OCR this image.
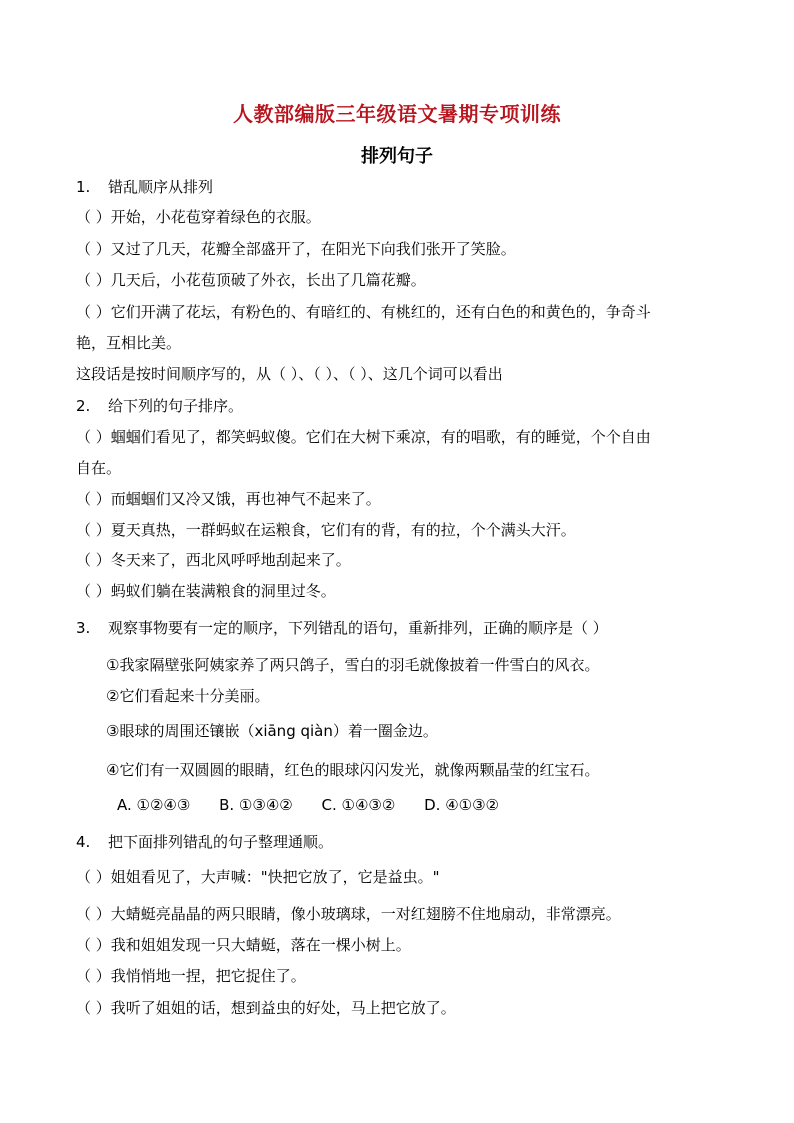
人教部编版三年级语文暑期专项训练
排列句子
1. 错乱顺序从排列
（ ）开始，小花苞穿着绿色的衣服。
（ ）又过了几天，花瓣全部盛开了，在阳光下向我们张开了笑脸。
（ ）几天后，小花苞顶破了外衣，长出了几篇花瓣。
（ ）它们开满了花坛，有粉色的、有暗红的、有桃红的，还有白色的和黄色的，争奇斗
艳，互相比美。
这段话是按时间顺序写的，从（ ）、（ ）、（ ）、这几个词可以看出
2. 给下列的句子排序。
（ ）蝈蝈们看见了，都笑蚂蚁傻。它们在大树下乘凉，有的唱歌，有的睡觉，个个自由
自在。
（ ）而蝈蝈们又冷又饿，再也神气不起来了。
（ ）夏天真热，一群蚂蚁在运粮食，它们有的背，有的拉，个个满头大汗。
（ ）冬天来了，西北风呼呼地刮起来了。
（ ）蚂蚁们躺在装满粮食的洞里过冬。
3. 观察事物要有一定的顺序，下列错乱的语句，重新排列，正确的顺序是（ ）
①我家隔壁张阿姨家养了两只鸽子，雪白的羽毛就像披着一件雪白的风衣。
②它们看起来十分美丽。
③眼球的周围还镶嵌（xiāng qiàn）着一圈金边。
④它们有一双圆圆的眼睛，红色的眼球闪闪发光，就像两颗晶莹的红宝石。
A. ①②④③ B. ①③④② C. ①④③② D. ④①③②
4. 把下面排列错乱的句子整理通顺。
（ ）姐姐看见了，大声喊："快把它放了，它是益虫。"
（ ）大蜻蜓亮晶晶的两只眼睛，像小玻璃球，一对红翅膀不住地扇动，非常漂亮。
（ ）我和姐姐发现一只大蜻蜓，落在一棵小树上。
（ ）我悄悄地一捏，把它捉住了。
（ ）我听了姐姐的话，想到益虫的好处，马上把它放了。
